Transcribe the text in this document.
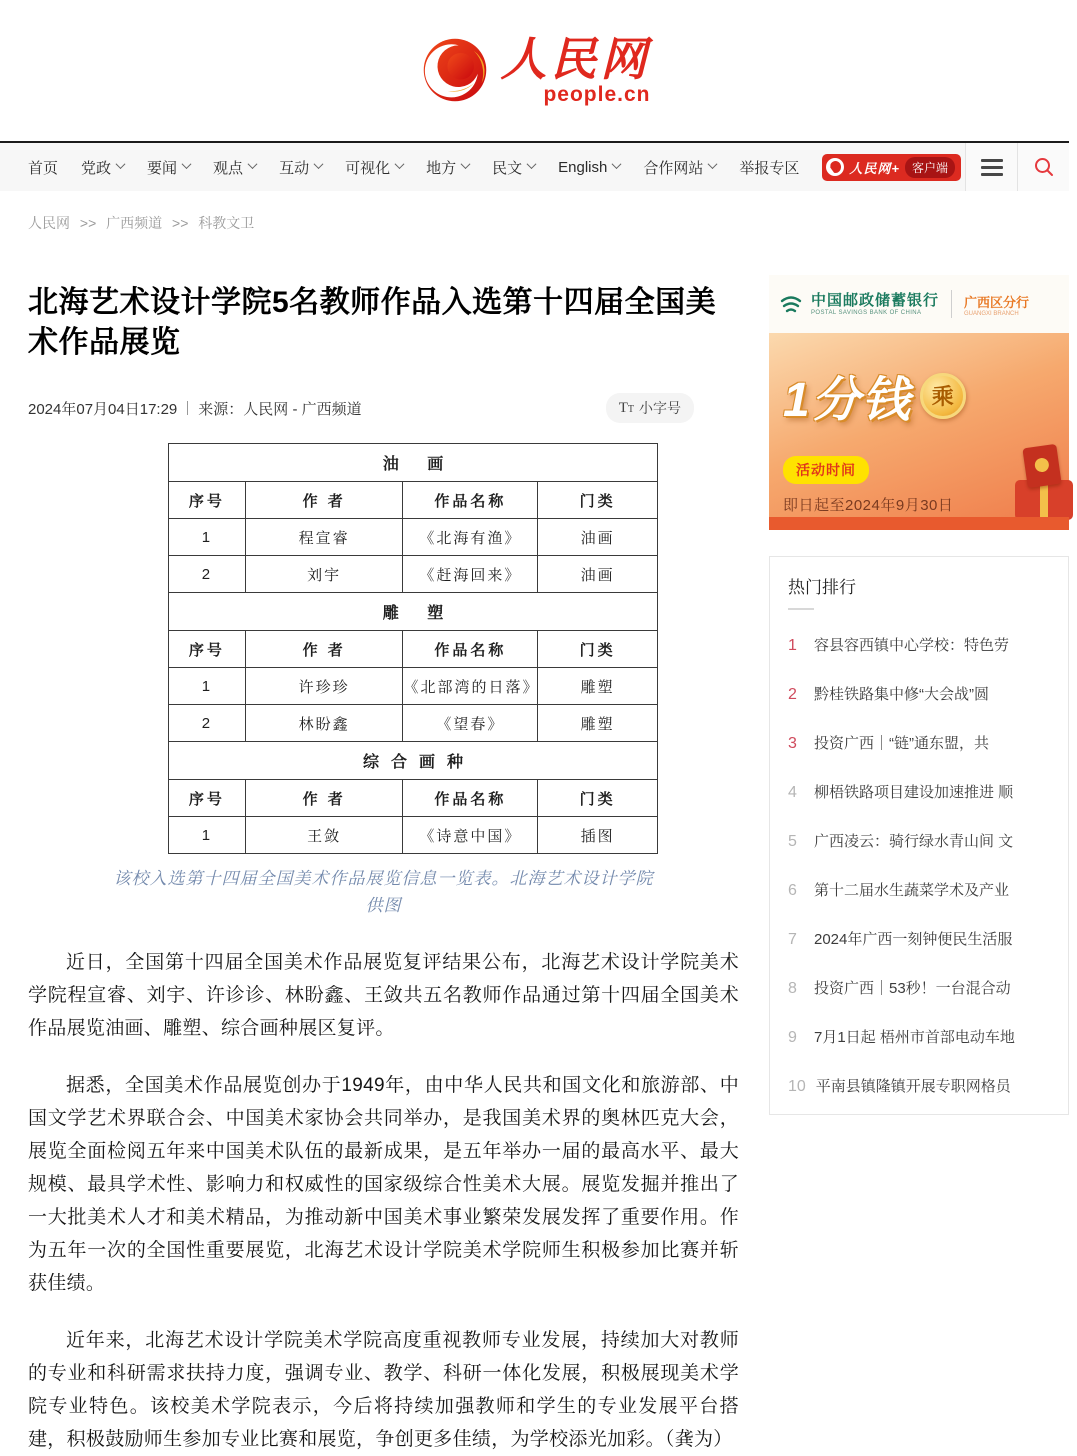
人民网
people.cn
首页 党政 要闻 观点 互动 可视化 地方 民文 English 合作网站 举报专区	人民网+	客户端
人民网 >> 广西频道 >> 科教文卫
北海艺术设计学院5名教师作品入选第十四届全国美术作品展览
2024年07月04日17:29 来源： 人民网 - 广西频道	TT 小字号
油 画			
序号	作 者	作品名称	门类
1	程宣睿	《北海有渔》	油画
2	刘宇	《赶海回来》	油画
雕 塑			
序号	作 者	作品名称	门类
1	许珍珍	《北部湾的日落》	雕塑
2	林盼鑫	《望春》	雕塑
综合画种			
序号	作 者	作品名称	门类
1	王敛	《诗意中国》	插图
该校入选第十四届全国美术作品展览信息一览表。北海艺术设计学院
供图

近日，全国第十四届全国美术作品展览复评结果公布，北海艺术设计学院美术学院程宣睿、刘宇、许诊诊、林盼鑫、王敛共五名教师作品通过第十四届全国美术作品展览油画、雕塑、综合画种展区复评。

据悉，全国美术作品展览创办于1949年，由中华人民共和国文化和旅游部、中国文学艺术界联合会、中国美术家协会共同举办，是我国美术界的奥林匹克大会，展览全面检阅五年来中国美术队伍的最新成果，是五年举办一届的最高水平、最大规模、最具学术性、影响力和权威性的国家级综合性美术大展。展览发掘并推出了一大批美术人才和美术精品，为推动新中国美术事业繁荣发展发挥了重要作用。作为五年一次的全国性重要展览，北海艺术设计学院美术学院师生积极参加比赛并斩获佳绩。

近年来，北海艺术设计学院美术学院高度重视教师专业发展，持续加大对教师的专业和科研需求扶持力度，强调专业、教学、科研一体化发展，积极展现美术学院专业特色。该校美术学院表示，今后将持续加强教师和学生的专业发展平台搭建，积极鼓励师生参加专业比赛和展览，争创更多佳绩，为学校添光加彩。（龚为）

中国邮政储蓄银行
POSTAL SAVINGS BANK OF CHINA
广西区分行
GUANGXI BRANCH
1分钱 乘
活动时间
即日起至2024年9月30日
热门排行
1	容县容西镇中心学校：特色劳
2	黔桂铁路集中修“大会战”圆
3	投资广西｜“链”通东盟，共
4	柳梧铁路项目建设加速推进 顺
5	广西凌云：骑行绿水青山间 文
6	第十二届水生蔬菜学术及产业
7	2024年广西一刻钟便民生活服
8	投资广西｜53秒！一台混合动
9	7月1日起 梧州市首部电动车地
10 平南县镇隆镇开展专职网格员
